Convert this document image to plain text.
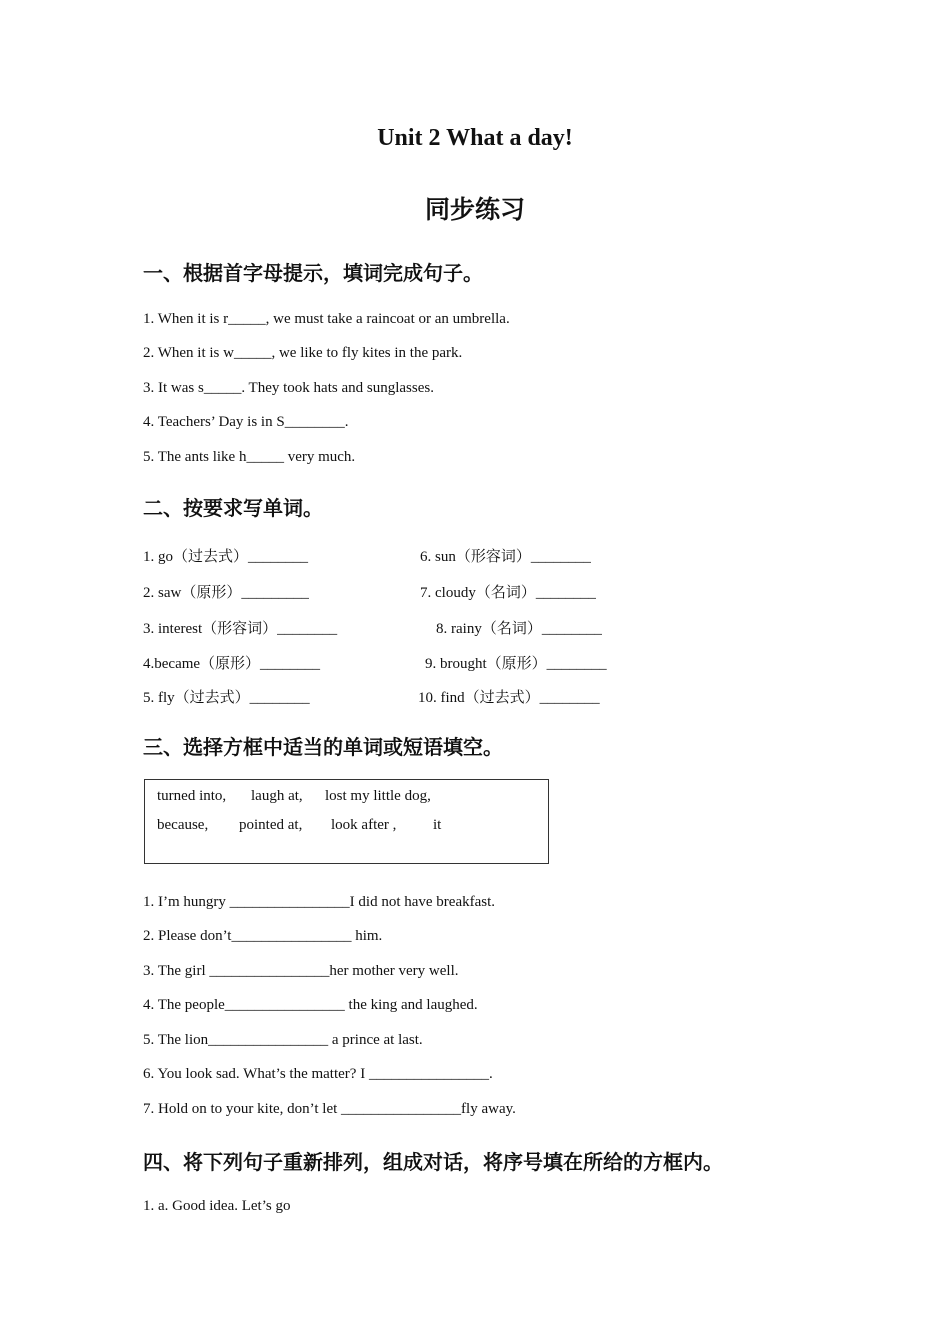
Unit 2 What a day!
同步练习
一、根据首字母提示，填词完成句子。
1. When it is r_____, we must take a raincoat or an umbrella.
2. When it is w_____, we like to fly kites in the park.
3. It was s_____. They took hats and sunglasses.
4. Teachers’ Day is in S________.
5. The ants like h_____ very much.
二、按要求写单词。
1. go（过去式）________
2. saw（原形）_________
3. interest（形容词）________
4.became（原形）________
5. fly（过去式）________
6. sun（形容词）________
7. cloudy（名词）________
8. rainy（名词）________
9. brought（原形）________
10. find（过去式）________
三、选择方框中适当的单词或短语填空。
turned into, laugh at, lost my little dog,
because, pointed at, look after , it
1. I’m hungry ________________I did not have breakfast.
2. Please don’t________________ him.
3. The girl ________________her mother very well.
4. The people________________ the king and laughed.
5. The lion________________ a prince at last.
6. You look sad. What’s the matter? I ________________.
7. Hold on to your kite, don’t let ________________fly away.
四、将下列句子重新排列，组成对话，将序号填在所给的方框内。
1. a. Good idea. Let’s go
